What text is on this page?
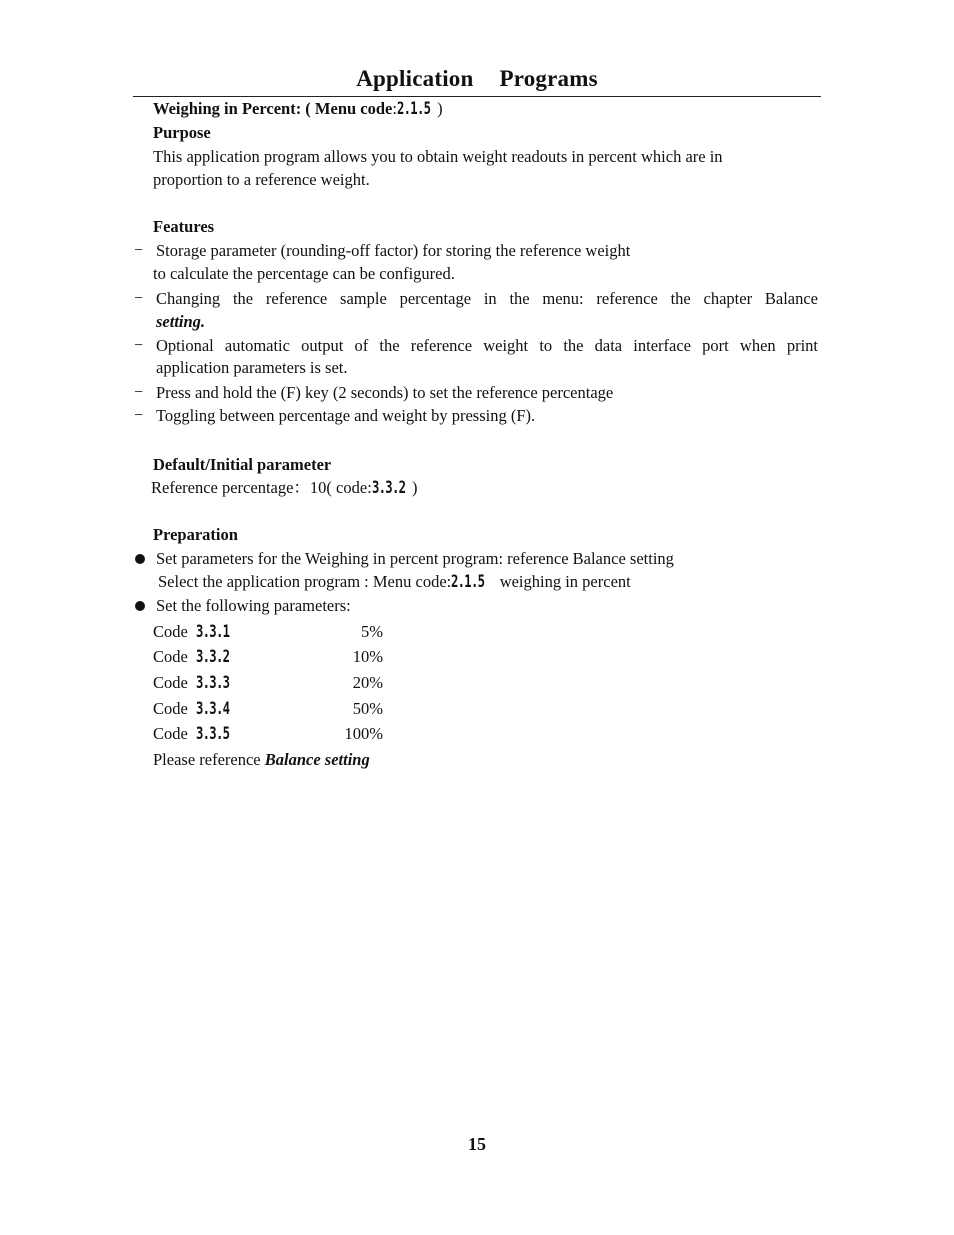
Application Programs
Weighing in Percent: ( Menu code:2.1.5 )
Purpose
This application program allows you to obtain weight readouts in percent which are in
proportion to a reference weight.
Features
− Storage parameter (rounding-off factor) for storing the reference weight
to calculate the percentage can be configured.
− Changing the reference sample percentage in the menu: reference the chapter Balance
setting.
− Optional automatic output of the reference weight to the data interface port when print
application parameters is set.
− Press and hold the (F) key (2 seconds) to set the reference percentage
− Toggling between percentage and weight by pressing (F).
Default/Initial parameter
Reference percentage：10( code:3.3.2 )
Preparation
Set parameters for the Weighing in percent program: reference Balance setting
Select the application program : Menu code:2.1.5 weighing in percent
Set the following parameters:
Code 3.3.1	5%
Code 3.3.2	10%
Code 3.3.3	20%
Code 3.3.4	50%
Code 3.3.5	100%
Please reference Balance setting
15
